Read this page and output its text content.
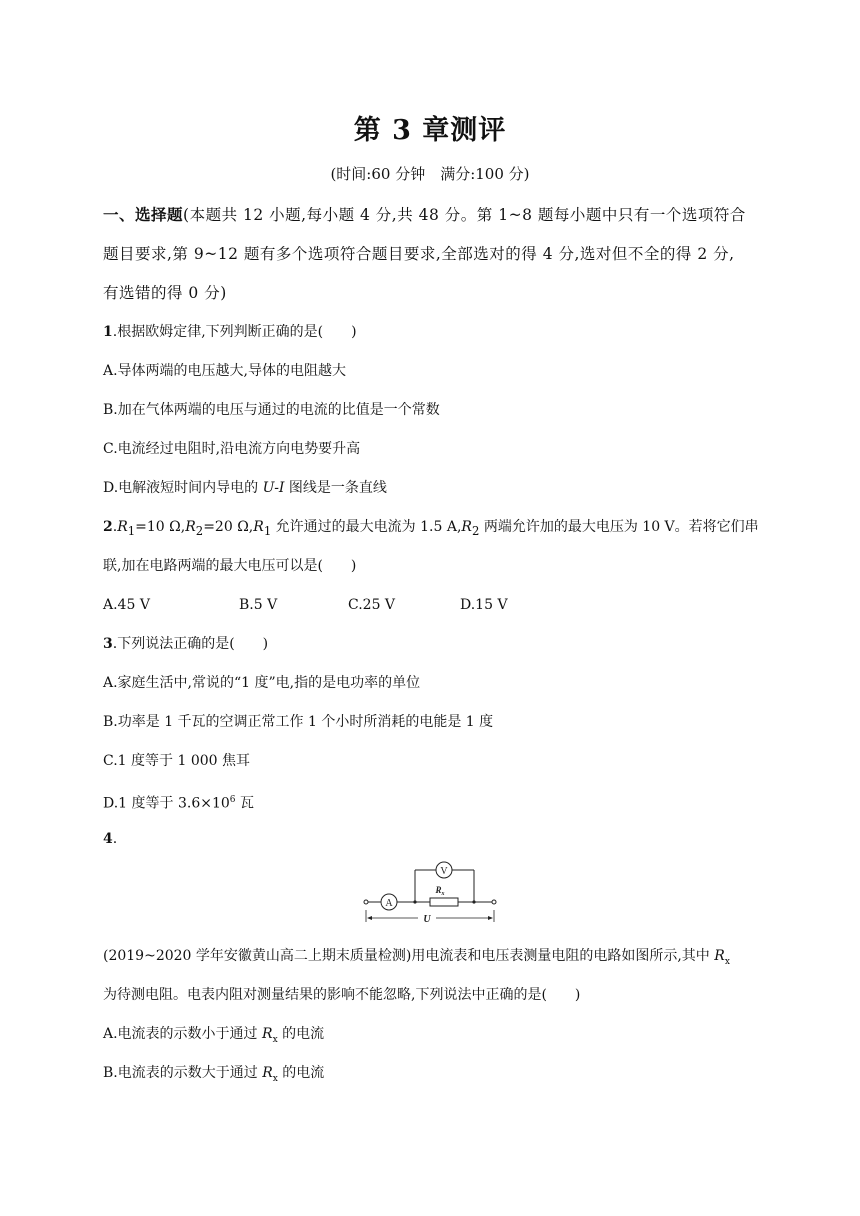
第 3 章测评
(时间:60 分钟　满分:100 分)
一、选择题(本题共 12 小题,每小题 4 分,共 48 分。第 1~8 题每小题中只有一个选项符合
题目要求,第 9~12 题有多个选项符合题目要求,全部选对的得 4 分,选对但不全的得 2 分,
有选错的得 0 分)
1.根据欧姆定律,下列判断正确的是(　　)
A.导体两端的电压越大,导体的电阻越大
B.加在气体两端的电压与通过的电流的比值是一个常数
C.电流经过电阻时,沿电流方向电势要升高
D.电解液短时间内导电的 U-I 图线是一条直线
$2.R_1=10$ $\Omega,R_2=20$ $\Omega,R_1$ 允许通过的最大电流为 1.5 $A,R_2$ 两端允许加的最大电压为 10 V。若将它们串
联,加在电路两端的最大电压可以是(　　)
A.45 V	B.5 V	C.25 V	D.15 V
3.下列说法正确的是(　　)
A.家庭生活中,常说的“1 度”电,指的是电功率的单位
B.功率是 1 千瓦的空调正常工作 1 个小时所消耗的电能是 1 度
C.1 度等于 1 000 焦耳
D.1 度等于 $3.6\times 10^6$ 瓦
4.
A
V
$R_x$
U
(2019~2020 学年安徽黄山高二上期末质量检测)用电流表和电压表测量电阻的电路如图所示,其中 $R_x$
为待测电阻。电表内阻对测量结果的影响不能忽略,下列说法中正确的是(　　)
A.电流表的示数小于通过 $R_x$ 的电流
B.电流表的示数大于通过 $R_x$ 的电流
